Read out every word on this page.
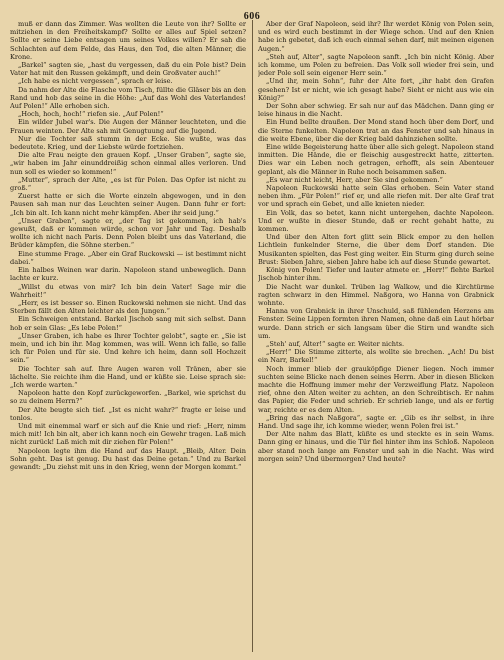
606

muß er dann das Zimmer. Was wollten die Leute von ihr? Sollte er mitziehen in den Freiheitskampf? Sollte er alles auf Spiel setzen? Sollte er seine Liebe entsagen um seines Volkes willen? Er sah die Schlachten auf dem Felde, das Haus, den Tod, die alten Männer, die Krone.

„Barkel“ sagten sie, „hast du vergessen, daß du ein Pole bist? Dein Vater hat mit den Russen gekämpft, und dein Großvater auch!“

„Ich habe es nicht vergessen“, sprach er leise.

Da nahm der Alte die Flasche vom Tisch, füllte die Gläser bis an den Rand und hob das seine in die Höhe: „Auf das Wohl des Vaterlandes! Auf Polen!“ Alle erhoben sich.

„Hoch, hoch, hoch!“ riefen sie. „Auf Polen!“

Ein wilder Jubel war's. Die Augen der Männer leuchteten, und die Frauen weinten. Der Alte sah mit Genugtuung auf die Jugend.

Nur die Tochter saß stumm in der Ecke. Sie wußte, was das bedeutete. Krieg, und der Liebste würde fortziehen.

Die alte Frau neigte den grauen Kopf. „Unser Graben“, sagte sie, „wir haben im Jahr einunddreißig schon einmal alles verloren. Und nun soll es wieder so kommen!“

„Mutter“, sprach der Alte, „es ist für Polen. Das Opfer ist nicht zu groß.“

Zuerst hatte er sich die Worte einzeln abgewogen, und in den Pausen sah man nur das Leuchten seiner Augen. Dann fuhr er fort: „Ich bin alt. Ich kann nicht mehr kämpfen. Aber ihr seid jung.“

„Unser Graben“, sagte er, „der Tag ist gekommen, ich hab's gewußt, daß er kommen würde, schon vor Jahr und Tag. Deshalb wollte ich nicht nach Paris. Denn Polen bleibt uns das Vaterland, die Brüder kämpfen, die Söhne sterben.“

Eine stumme Frage. „Aber ein Graf Ruckowski — ist bestimmt nicht dabei.“

Ein halbes Weinen war darin. Napoleon stand unbeweglich. Dann lachte er kurz.

„Willst du etwas von mir? Ich bin dein Vater! Sage mir die Wahrheit!“

„Herr, es ist besser so. Einen Ruckowski nehmen sie nicht. Und das Sterben fällt den Alten leichter als den Jungen.“

Ein Schweigen entstand. Barkel Jischob sang mit sich selbst. Dann hob er sein Glas: „Es lebe Polen!“

„Unser Graben, ich habe es Ihrer Tochter gelobt“, sagte er. „Sie ist mein, und ich bin ihr. Mag kommen, was will. Wenn ich falle, so falle ich für Polen und für sie. Und kehre ich heim, dann soll Hochzeit sein.“

Die Tochter sah auf. Ihre Augen waren voll Tränen, aber sie lächelte. Sie reichte ihm die Hand, und er küßte sie. Leise sprach sie: „Ich werde warten.“

Napoleon hatte den Kopf zurückgeworfen. „Barkel, wie sprichst du so zu deinem Herrn?“

Der Alte beugte sich tief. „Ist es nicht wahr?“ fragte er leise und tonlos.

Und mit einemmal warf er sich auf die Knie und rief: „Herr, nimm mich mit! Ich bin alt, aber ich kann noch ein Gewehr tragen. Laß mich nicht zurück! Laß mich mit dir ziehen für Polen!“

Napoleon legte ihm die Hand auf das Haupt. „Bleib, Alter. Dein Sohn geht. Das ist genug. Du hast das Deine getan.“ Und zu Barkel gewandt: „Du ziehst mit uns in den Krieg, wenn der Morgen kommt.“

Aber der Graf Napoleon, seid ihr? Ihr werdet König von Polen sein, und es wird euch bestimmt in der Wiege schon. Und auf den Knien habe ich gebetet, daß ich euch einmal sehen darf, mit meinen eigenen Augen.“

„Steh auf, Alter“, sagte Napoleon sanft. „Ich bin nicht König. Aber ich komme, um Polen zu befreien. Das Volk soll wieder frei sein, und jeder Pole soll sein eigener Herr sein.“

„Und ihr, mein Sohn“, fuhr der Alte fort, „ihr habt den Grafen gesehen? Ist er nicht, wie ich gesagt habe? Sieht er nicht aus wie ein König?“

Der Sohn aber schwieg. Er sah nur auf das Mädchen. Dann ging er leise hinaus in die Nacht.

Ein Hund bellte draußen. Der Mond stand hoch über dem Dorf, und die Sterne funkelten. Napoleon trat an das Fenster und sah hinaus in die weite Ebene, über die der Krieg bald dahinziehen sollte.

Eine wilde Begeisterung hatte über alle sich gelegt. Napoleon stand inmitten. Die Hände, die er fleischig ausgestreckt hatte, zitterten. Dies war ein Leben noch getragen, erhofft, als sein Abenteuer geplant, als die Männer in Ruhe noch beisammen saßen.

„Es war nicht leicht, Herr, aber Sie sind gekommen.“

Napoleon Ruckowski hatte sein Glas erhoben. Sein Vater stand neben ihm. „Für Polen!“ rief er, und alle riefen mit. Der alte Graf trat vor und sprach ein Gebet, und alle knieten nieder.

Ein Volk, das so betet, kann nicht untergehen, dachte Napoleon. Und er wußte in dieser Stunde, daß er recht gehabt hatte, zu kommen.

Und über den Alten fort glitt sein Blick empor zu den hellen Lichtlein funkelnder Sterne, die über dem Dorf standen. Die Musikanten spielten, das Fest ging weiter. Ein Sturm ging durch seine Brust: Sieben Jahre, sieben Jahre habe ich auf diese Stunde gewartet.

König von Polen! Tiefer und lauter atmete er. „Herr!“ flehte Barkel Jischob hinter ihm.

Die Nacht war dunkel. Trüben lag Walkow, und die Kirchtürme ragten schwarz in den Himmel. Naßgora, wo Hanna von Grabnick wohnte.

Hanna von Grabnick in ihrer Unschuld, saß fühlenden Herzens am Fenster. Seine Lippen formten ihren Namen, ohne daß ein Laut hörbar wurde. Dann strich er sich langsam über die Stirn und wandte sich um.

„Steh' auf, Alter!“ sagte er. Weiter nichts.

„Herr!“ Die Stimme zitterte, als wollte sie brechen. „Ach! Du bist ein Narr, Barkel!“

Noch immer blieb der grauköpfige Diener liegen. Noch immer suchten seine Blicke nach denen seines Herrn. Aber in diesen Blicken machte die Hoffnung immer mehr der Verzweiflung Platz. Napoleon rief, ohne den Alten weiter zu achten, an den Schreibtisch. Er nahm das Papier, die Feder und schrieb. Er schrieb lange, und als er fertig war, reichte er es dem Alten.

„Bring das nach Naßgora“, sagte er. „Gib es ihr selbst, in ihre Hand. Und sage ihr, ich komme wieder, wenn Polen frei ist.“

Der Alte nahm das Blatt, küßte es und steckte es in sein Wams. Dann ging er hinaus, und die Tür fiel hinter ihm ins Schloß. Napoleon aber stand noch lange am Fenster und sah in die Nacht. Was wird morgen sein? Und übermorgen? Und heute?
